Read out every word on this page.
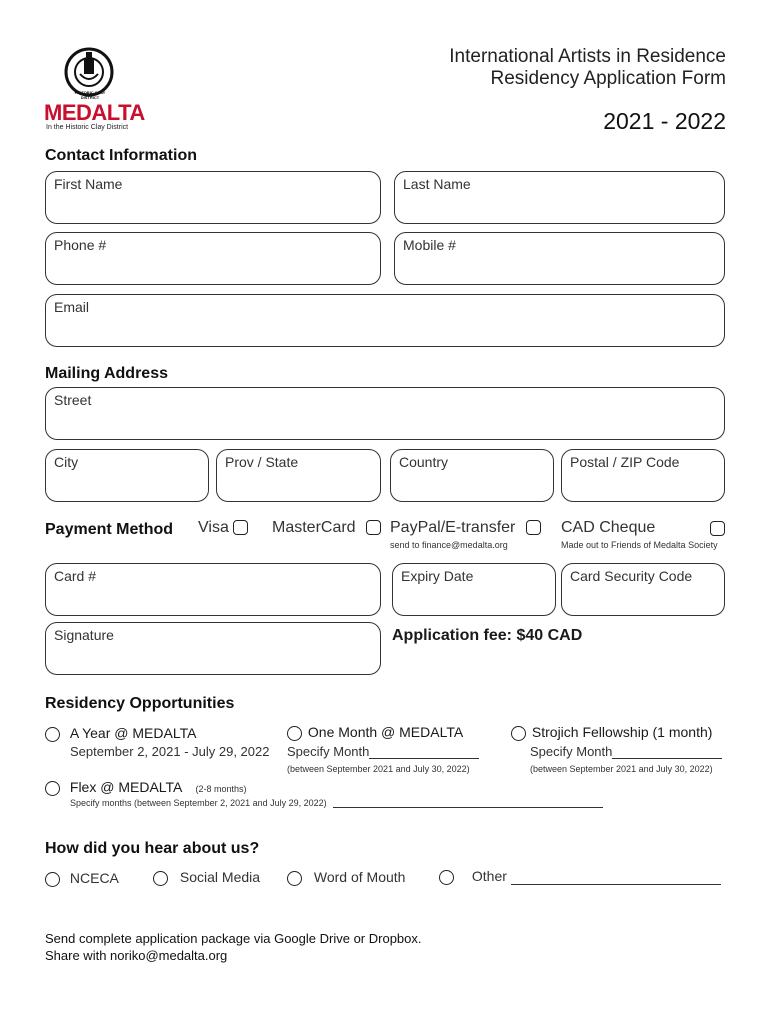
HISTORIC CLAY DISTRICT
MEDALTA
In the Historic Clay District
International Artists in Residence
Residency Application Form
2021 - 2022
Contact Information
First Name	Last Name
Phone #	Mobile #
Email
Mailing Address
Street
City	Prov / State	Country	Postal / ZIP Code
Payment Method Visa	MasterCard	PayPal/E-transfer
send to finance@medalta.org
CAD Cheque
Made out to Friends of Medalta Society
Card #	Expiry Date	Card Security Code
Signature	Application fee: $40 CAD
Residency Opportunities
A Year @ MEDALTA
September 2, 2021 - July 29, 2022
One Month @ MEDALTA
Specify Month
(between September 2021 and July 30, 2022)
Strojich Fellowship (1 month)
Specify Month
(between September 2021 and July 30, 2022)
Flex @ MEDALTA (2-8 months)
Specify months (between September 2, 2021 and July 29, 2022)
How did you hear about us?
NCECA	Social Media	Word of Mouth	Other
Send complete application package via Google Drive or Dropbox.
Share with noriko@medalta.org
